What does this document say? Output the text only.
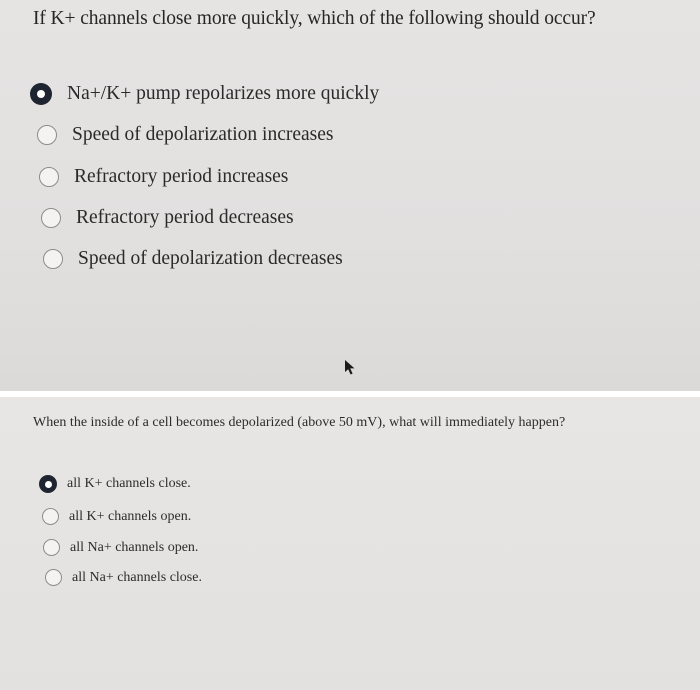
If K+ channels close more quickly, which of the following should occur?
Na+/K+ pump repolarizes more quickly
Speed of depolarization increases
Refractory period increases
Refractory period decreases
Speed of depolarization decreases
When the inside of a cell becomes depolarized (above 50 mV), what will immediately happen?
all K+ channels close.
all K+ channels open.
all Na+ channels open.
all Na+ channels close.
